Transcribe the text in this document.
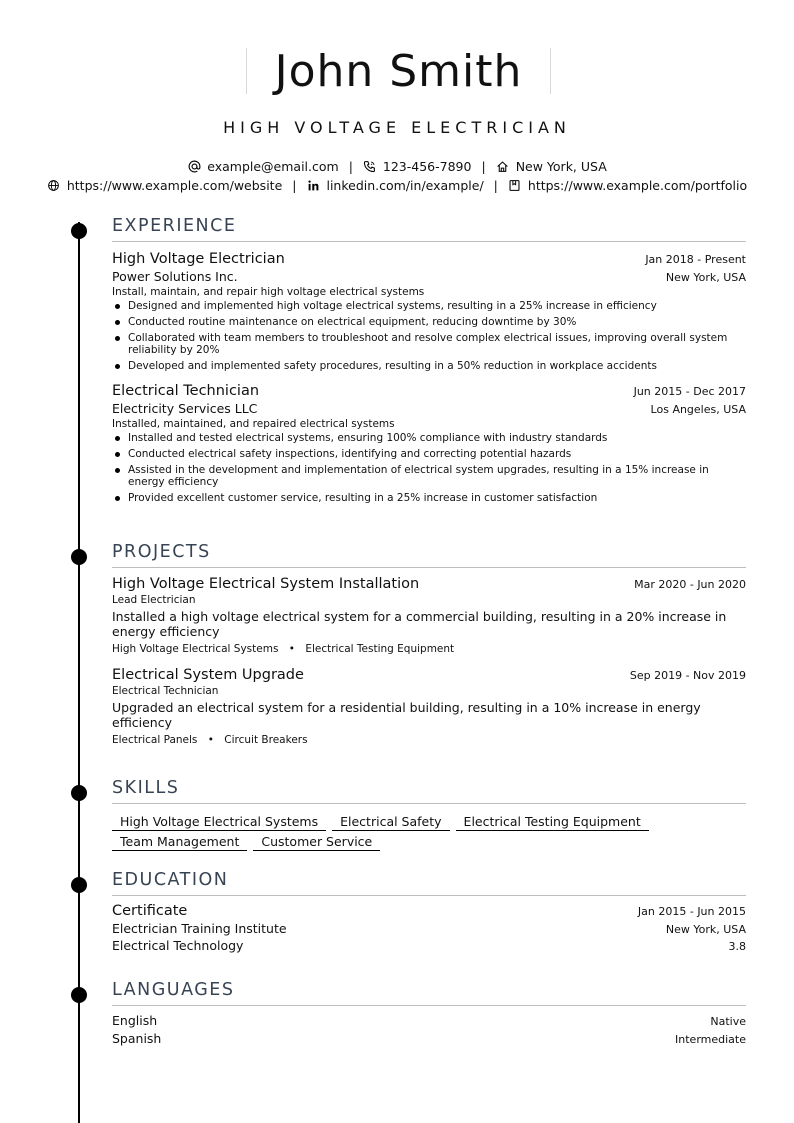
John Smith
HIGH VOLTAGE ELECTRICIAN
example@email.com | 123-456-7890 | New York, USA
https://www.example.com/website | linkedin.com/in/example/ | https://www.example.com/portfolio
EXPERIENCE
High Voltage Electrician	Jan 2018 - Present
Power Solutions Inc.	New York, USA
Install, maintain, and repair high voltage electrical systems
Designed and implemented high voltage electrical systems, resulting in a 25% increase in efficiency
Conducted routine maintenance on electrical equipment, reducing downtime by 30%
Collaborated with team members to troubleshoot and resolve complex electrical issues, improving overall system reliability by 20%
Developed and implemented safety procedures, resulting in a 50% reduction in workplace accidents
Electrical Technician	Jun 2015 - Dec 2017
Electricity Services LLC	Los Angeles, USA
Installed, maintained, and repaired electrical systems
Installed and tested electrical systems, ensuring 100% compliance with industry standards
Conducted electrical safety inspections, identifying and correcting potential hazards
Assisted in the development and implementation of electrical system upgrades, resulting in a 15% increase in energy efficiency
Provided excellent customer service, resulting in a 25% increase in customer satisfaction
PROJECTS
High Voltage Electrical System Installation	Mar 2020 - Jun 2020
Lead Electrician
Installed a high voltage electrical system for a commercial building, resulting in a 20% increase in energy efficiency
High Voltage Electrical Systems • Electrical Testing Equipment
Electrical System Upgrade	Sep 2019 - Nov 2019
Electrical Technician
Upgraded an electrical system for a residential building, resulting in a 10% increase in energy efficiency
Electrical Panels • Circuit Breakers
SKILLS
High Voltage Electrical Systems Electrical Safety Electrical Testing Equipment
Team Management Customer Service
EDUCATION
Certificate	Jan 2015 - Jun 2015
Electrician Training Institute	New York, USA
Electrical Technology	3.8
LANGUAGES
English	Native
Spanish	Intermediate
